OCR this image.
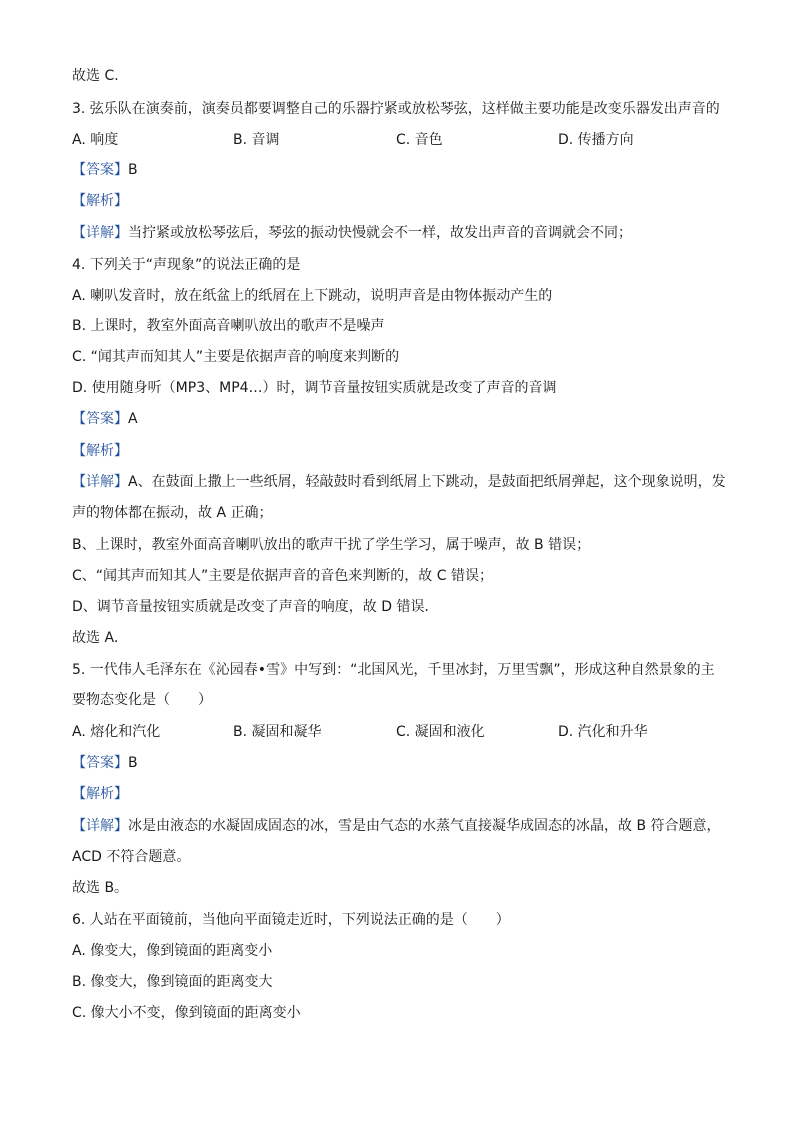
故选 C.
3. 弦乐队在演奏前，演奏员都要调整自己的乐器拧紧或放松琴弦，这样做主要功能是改变乐器发出声音的
A. 响度	B. 音调	C. 音色	D. 传播方向
【答案】B
【解析】
【详解】当拧紧或放松琴弦后，琴弦的振动快慢就会不一样，故发出声音的音调就会不同；
4. 下列关于“声现象”的说法正确的是
A. 喇叭发音时，放在纸盆上的纸屑在上下跳动，说明声音是由物体振动产生的
B. 上课时，教室外面高音喇叭放出的歌声不是噪声
C. “闻其声而知其人”主要是依据声音的响度来判断的
D. 使用随身听（MP3、MP4…）时，调节音量按钮实质就是改变了声音的音调
【答案】A
【解析】
【详解】A、在鼓面上撒上一些纸屑，轻敲鼓时看到纸屑上下跳动，是鼓面把纸屑弹起，这个现象说明，发
声的物体都在振动，故 A 正确；
B、上课时，教室外面高音喇叭放出的歌声干扰了学生学习，属于噪声，故 B 错误；
C、“闻其声而知其人”主要是依据声音的音色来判断的，故 C 错误；
D、调节音量按钮实质就是改变了声音的响度，故 D 错误．
故选 A．
5. 一代伟人毛泽东在《沁园春•雪》中写到：“北国风光，千里冰封，万里雪飘”，形成这种自然景象的主
要物态变化是（　　）
A. 熔化和汽化	B. 凝固和凝华	C. 凝固和液化	D. 汽化和升华
【答案】B
【解析】
【详解】冰是由液态的水凝固成固态的冰，雪是由气态的水蒸气直接凝华成固态的冰晶，故 B 符合题意，
ACD 不符合题意。
故选 B。
6. 人站在平面镜前，当他向平面镜走近时，下列说法正确的是（　　）
A. 像变大，像到镜面的距离变小
B. 像变大，像到镜面的距离变大
C. 像大小不变，像到镜面的距离变小
